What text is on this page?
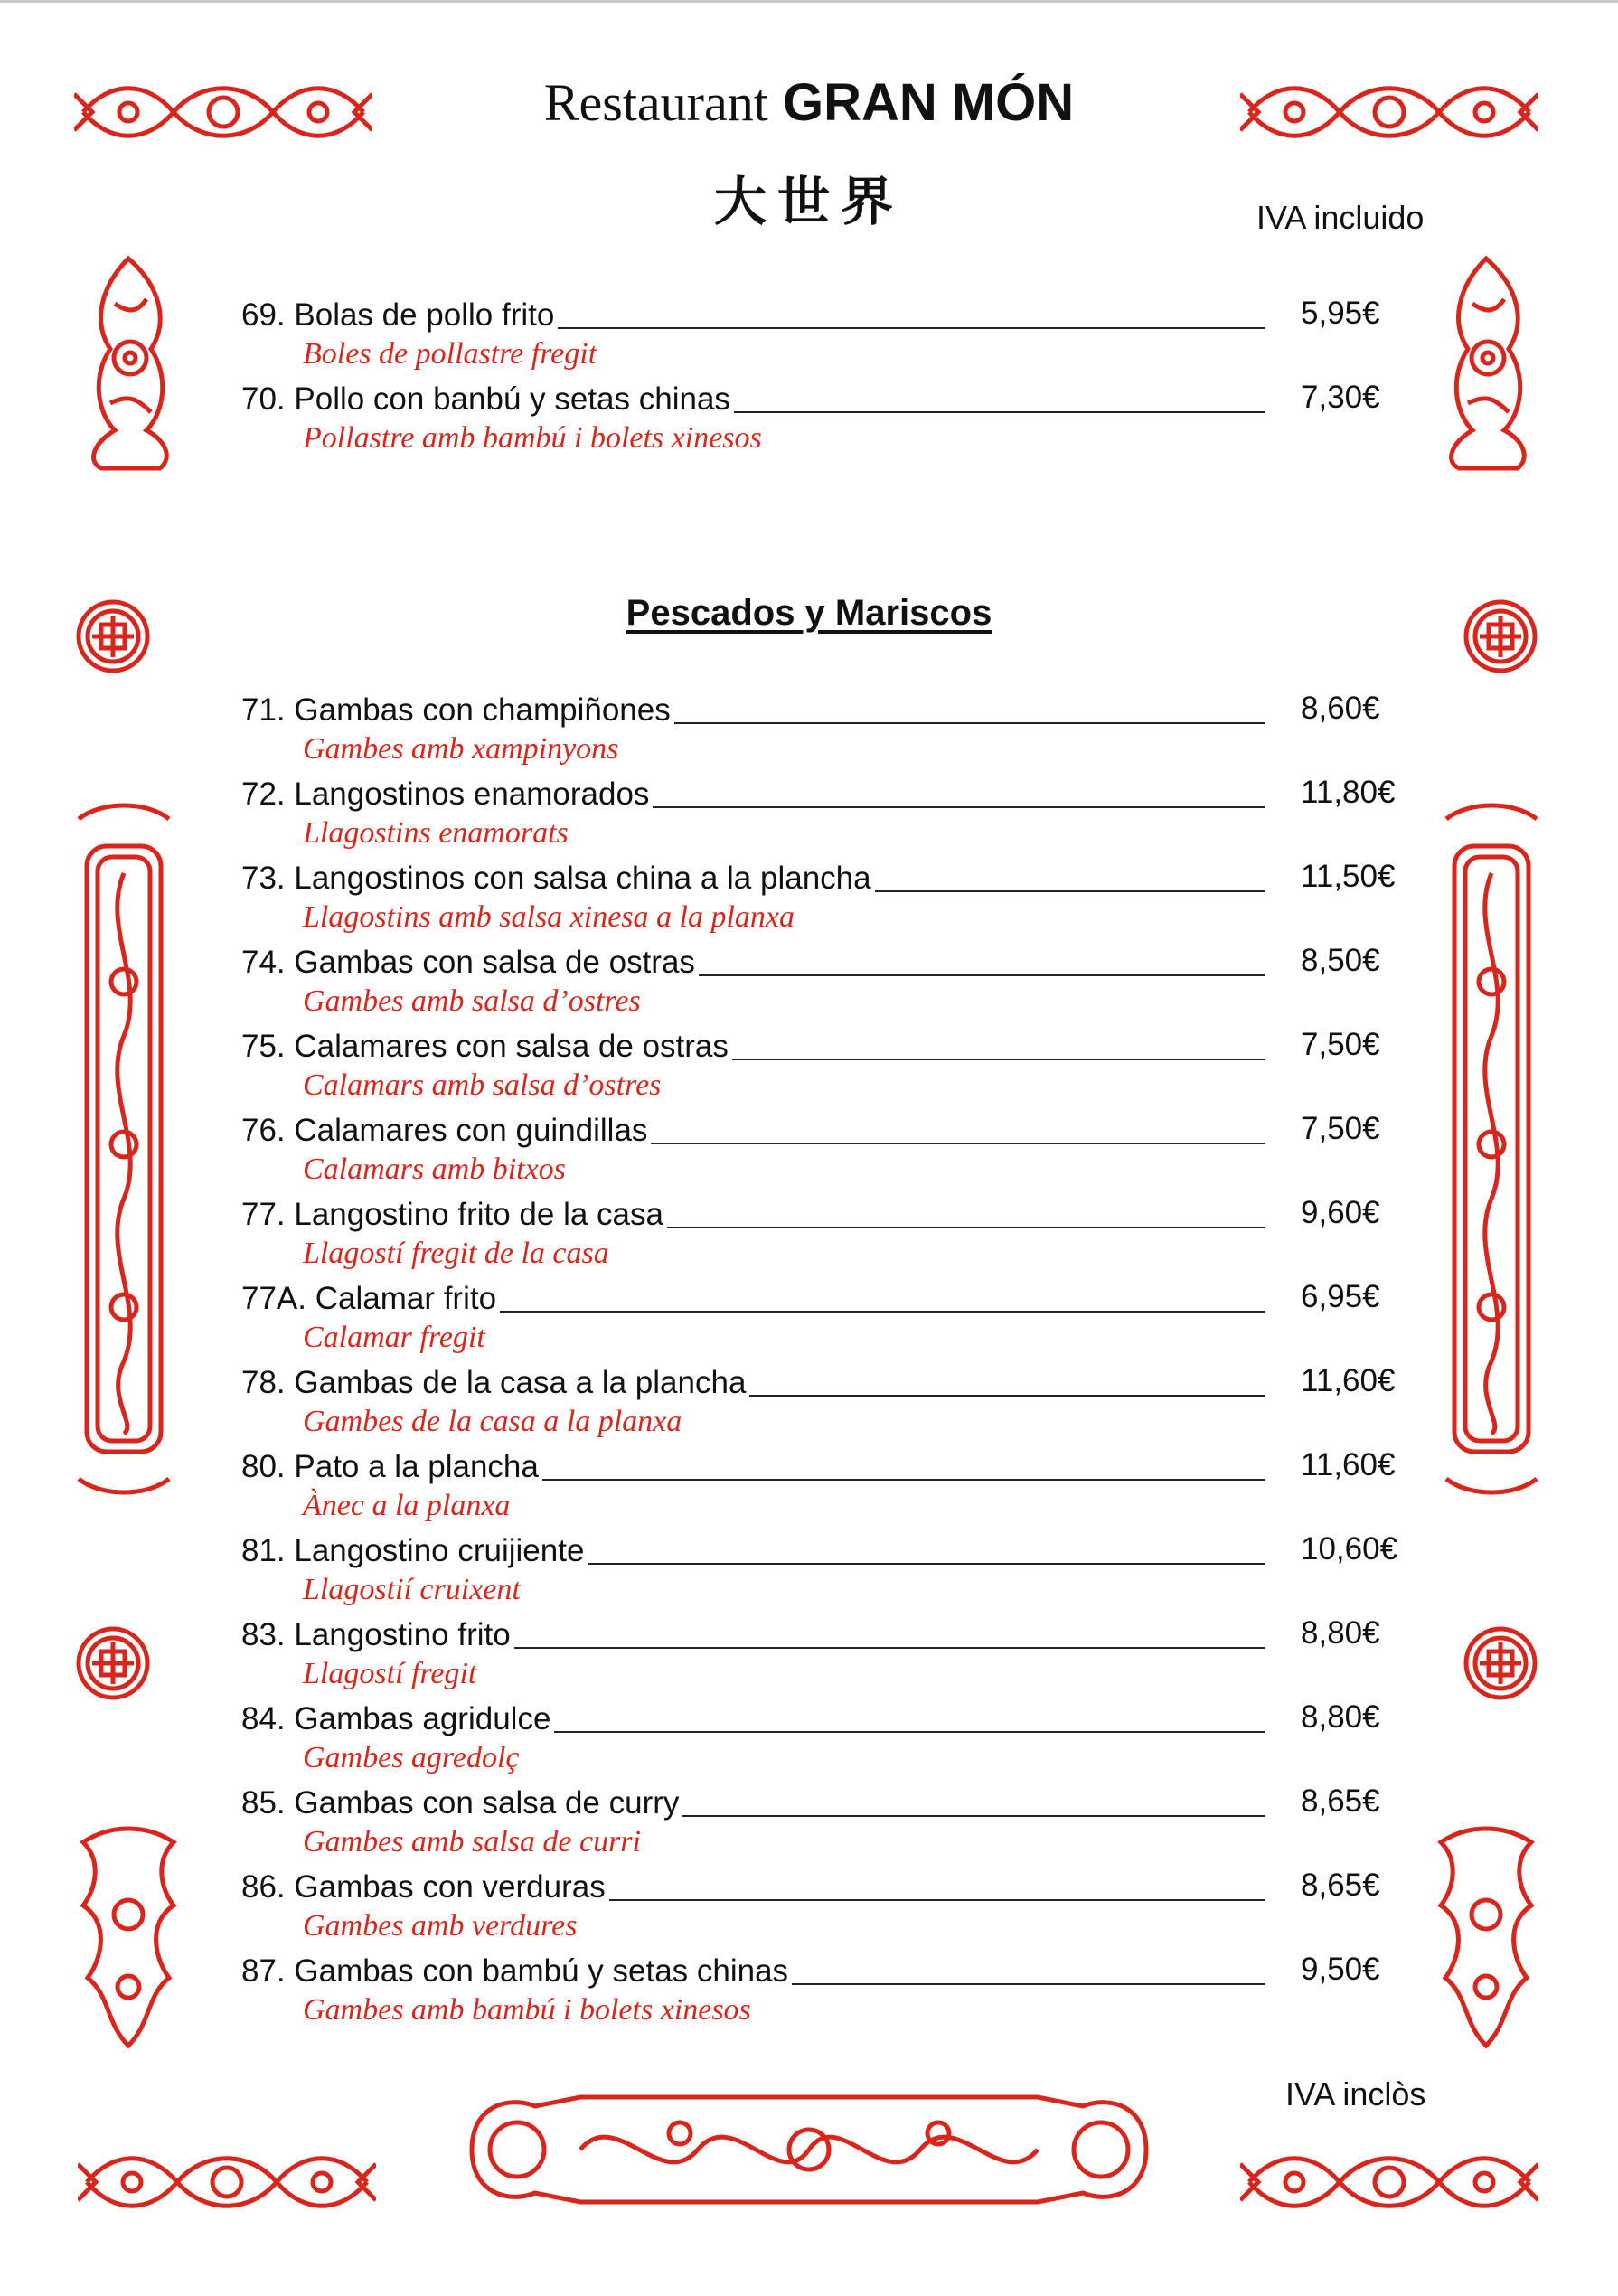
Restaurant GRAN MÓN
大世界	IVA incluido
69. Bolas de pollo frito	5,95€
Boles de pollastre fregit
70. Pollo con banbú y setas chinas	7,30€
Pollastre amb bambú i bolets xinesos
Pescados y Mariscos
71. Gambas con champiñones	8,60€
Gambes amb xampinyons
72. Langostinos enamorados	11,80€
Llagostins enamorats
73. Langostinos con salsa china a la plancha	11,50€
Llagostins amb salsa xinesa a la planxa
74. Gambas con salsa de ostras	8,50€
Gambes amb salsa d’ostres
75. Calamares con salsa de ostras	7,50€
Calamars amb salsa d’ostres
76. Calamares con guindillas	7,50€
Calamars amb bitxos
77. Langostino frito de la casa	9,60€
Llagostí fregit de la casa
77A. Calamar frito	6,95€
Calamar fregit
78. Gambas de la casa a la plancha	11,60€
Gambes de la casa a la planxa
80. Pato a la plancha	11,60€
Ànec a la planxa
81. Langostino cruijiente	10,60€
Llagostií cruixent
83. Langostino frito	8,80€
Llagostí fregit
84. Gambas agridulce	8,80€
Gambes agredolç
85. Gambas con salsa de curry	8,65€
Gambes amb salsa de curri
86. Gambas con verduras	8,65€
Gambes amb verdures
87. Gambas con bambú y setas chinas	9,50€
Gambes amb bambú i bolets xinesos
IVA inclòs
